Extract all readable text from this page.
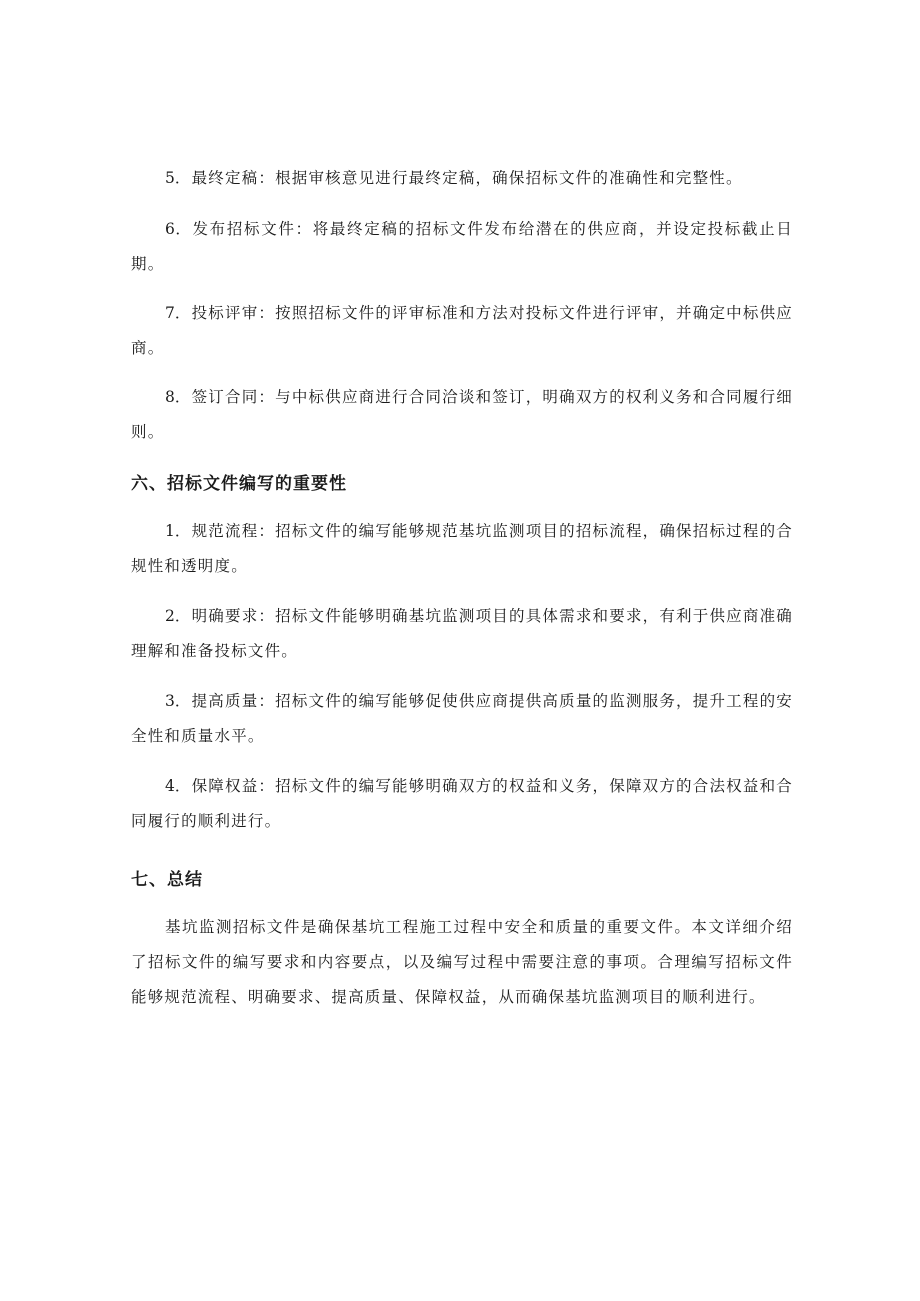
5．最终定稿：根据审核意见进行最终定稿，确保招标文件的准确性和完整性。

6．发布招标文件：将最终定稿的招标文件发布给潜在的供应商，并设定投标截止日期。

7．投标评审：按照招标文件的评审标准和方法对投标文件进行评审，并确定中标供应商。

8．签订合同：与中标供应商进行合同洽谈和签订，明确双方的权利义务和合同履行细则。

六、招标文件编写的重要性

1．规范流程：招标文件的编写能够规范基坑监测项目的招标流程，确保招标过程的合规性和透明度。

2．明确要求：招标文件能够明确基坑监测项目的具体需求和要求，有利于供应商准确理解和准备投标文件。

3．提高质量：招标文件的编写能够促使供应商提供高质量的监测服务，提升工程的安全性和质量水平。

4．保障权益：招标文件的编写能够明确双方的权益和义务，保障双方的合法权益和合同履行的顺利进行。

七、总结

基坑监测招标文件是确保基坑工程施工过程中安全和质量的重要文件。本文详细介绍了招标文件的编写要求和内容要点，以及编写过程中需要注意的事项。合理编写招标文件能够规范流程、明确要求、提高质量、保障权益，从而确保基坑监测项目的顺利进行。
